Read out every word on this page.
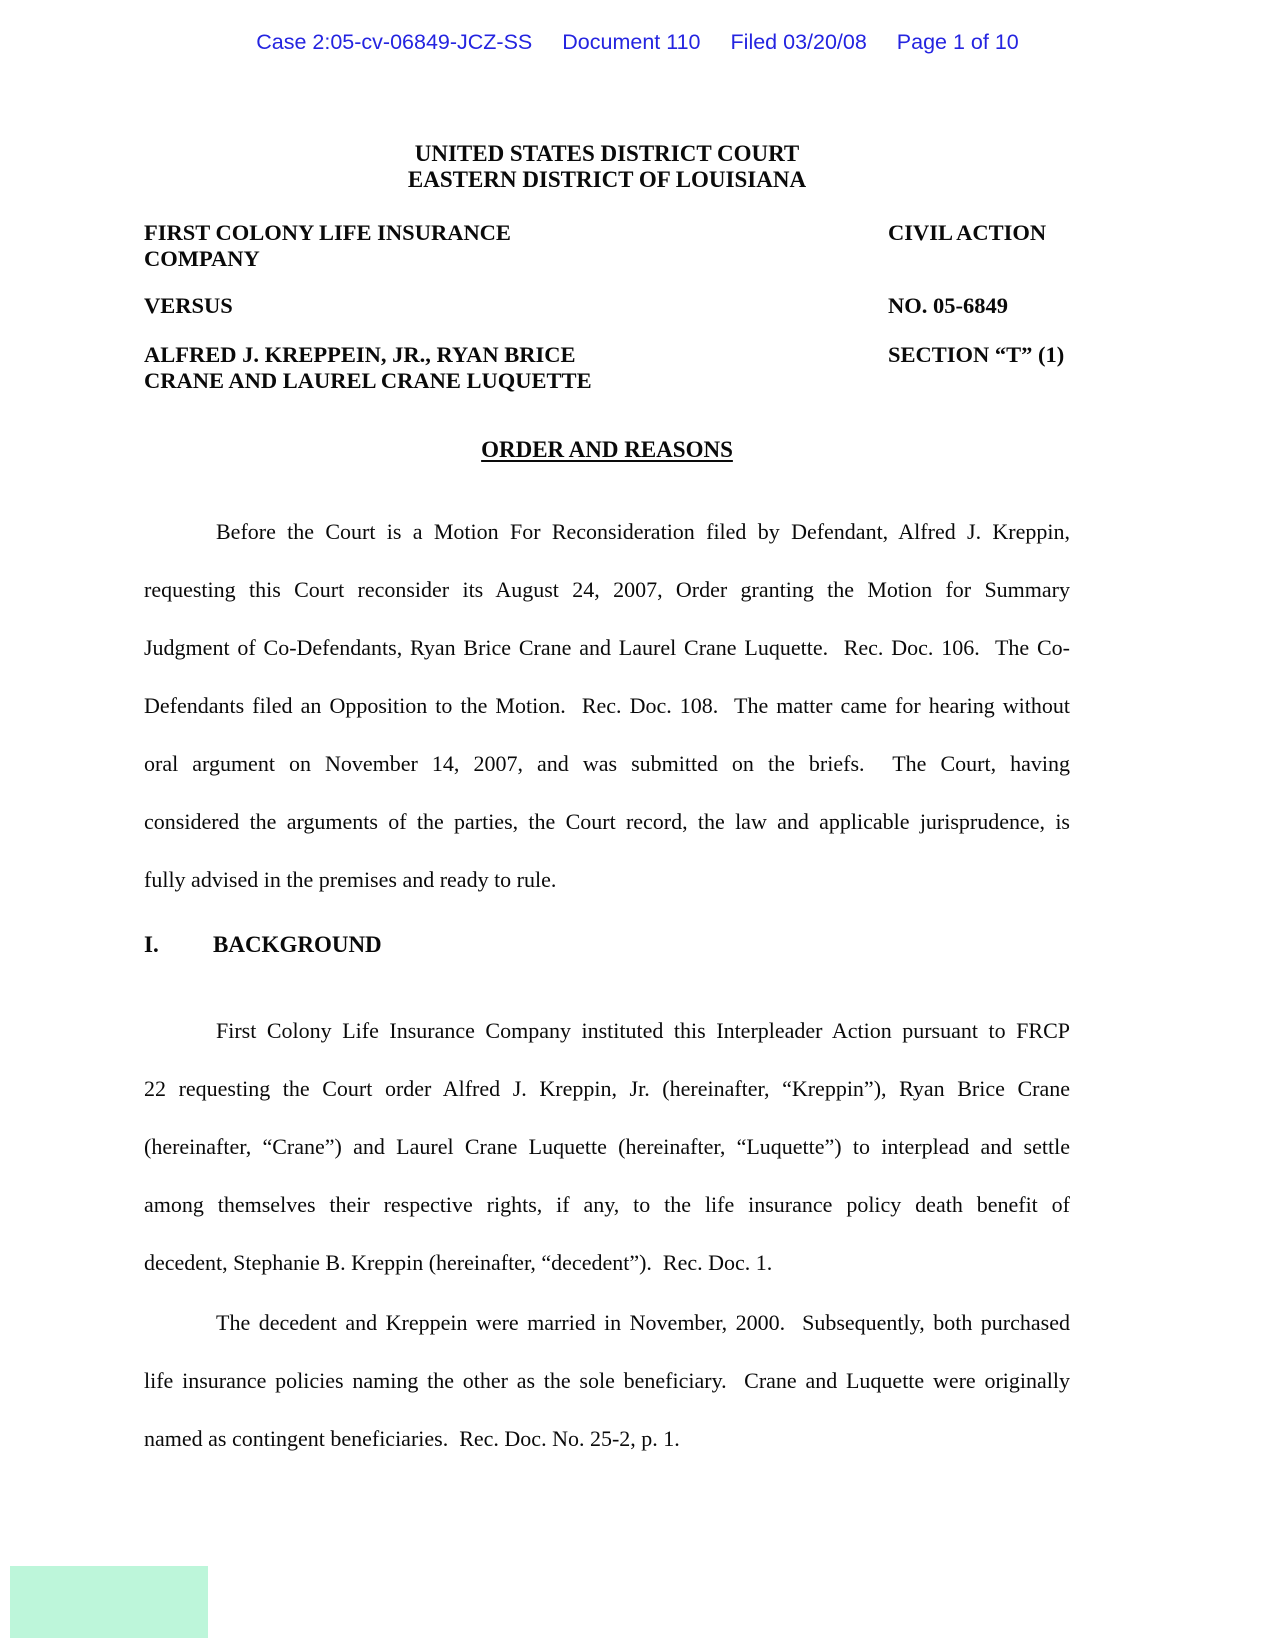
Case 2:05-cv-06849-JCZ-SS Document 110 Filed 03/20/08 Page 1 of 10
UNITED STATES DISTRICT COURT
EASTERN DISTRICT OF LOUISIANA
FIRST COLONY LIFE INSURANCE
COMPANY
CIVIL ACTION
VERSUS	NO. 05-6849
ALFRED J. KREPPEIN, JR., RYAN BRICE
CRANE AND LAUREL CRANE LUQUETTE
SECTION “T” (1)
ORDER AND REASONS
Before the Court is a Motion For Reconsideration filed by Defendant, Alfred J. Kreppin,
requesting this Court reconsider its August 24, 2007, Order granting the Motion for Summary
Judgment of Co-Defendants, Ryan Brice Crane and Laurel Crane Luquette.  Rec. Doc. 106.  The Co-
Defendants filed an Opposition to the Motion.  Rec. Doc. 108.  The matter came for hearing without
oral argument on November 14, 2007, and was submitted on the briefs.  The Court, having
considered the arguments of the parties, the Court record, the law and applicable jurisprudence, is
fully advised in the premises and ready to rule.
I. BACKGROUND
First Colony Life Insurance Company instituted this Interpleader Action pursuant to FRCP
22 requesting the Court order Alfred J. Kreppin, Jr. (hereinafter, “Kreppin”), Ryan Brice Crane
(hereinafter, “Crane”) and Laurel Crane Luquette (hereinafter, “Luquette”) to interplead and settle
among themselves their respective rights, if any, to the life insurance policy death benefit of
decedent, Stephanie B. Kreppin (hereinafter, “decedent”).  Rec. Doc. 1.
The decedent and Kreppein were married in November, 2000.  Subsequently, both purchased
life insurance policies naming the other as the sole beneficiary.  Crane and Luquette were originally
named as contingent beneficiaries.  Rec. Doc. No. 25-2, p. 1.
